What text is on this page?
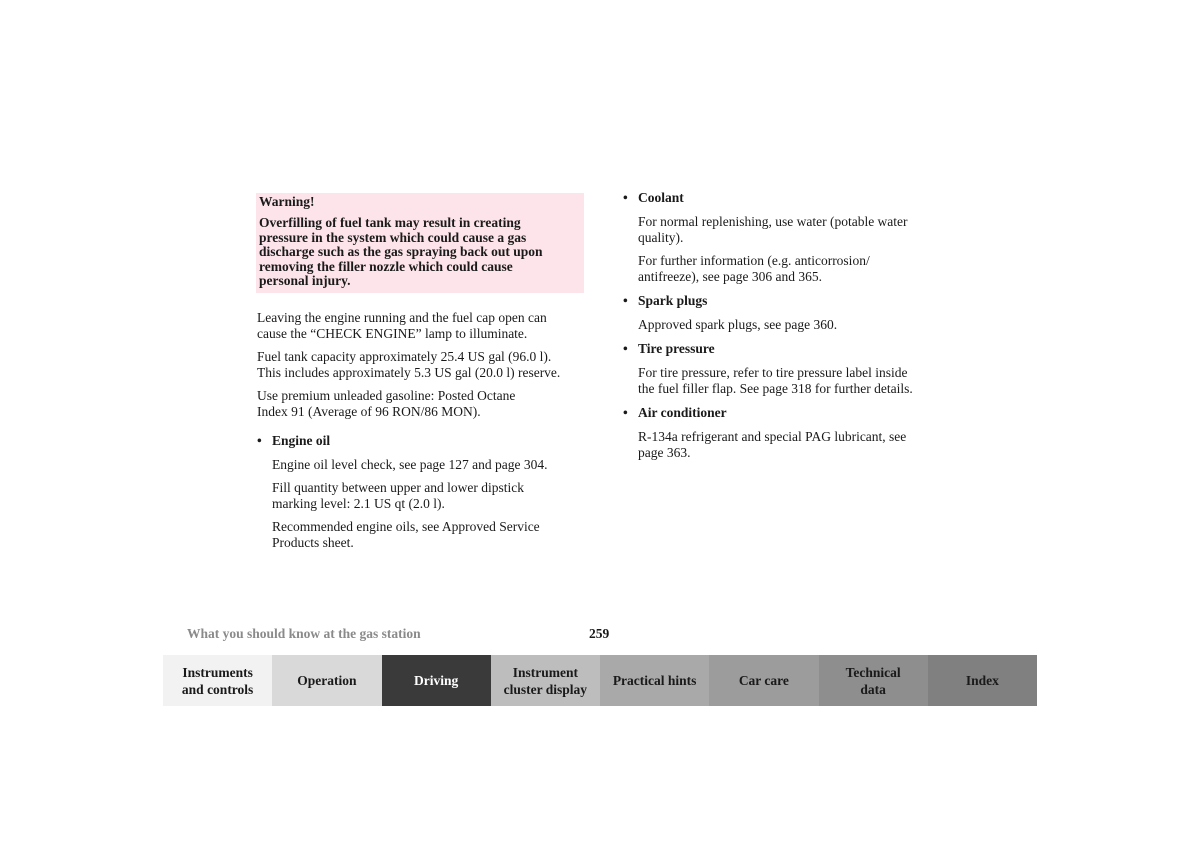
Warning!
Overfilling of fuel tank may result in creating
pressure in the system which could cause a gas
discharge such as the gas spraying back out upon
removing the filler nozzle which could cause
personal injury.

Leaving the engine running and the fuel cap open can
cause the “CHECK ENGINE” lamp to illuminate.

Fuel tank capacity approximately 25.4 US gal (96.0 l).
This includes approximately 5.3 US gal (20.0 l) reserve.

Use premium unleaded gasoline: Posted Octane
Index 91 (Average of 96 RON/86 MON).

• Engine oil

Engine oil level check, see page 127 and page 304.

Fill quantity between upper and lower dipstick
marking level: 2.1 US qt (2.0 l).

Recommended engine oils, see Approved Service
Products sheet.

• Coolant

For normal replenishing, use water (potable water
quality).

For further information (e.g. anticorrosion/
antifreeze), see page 306 and 365.

• Spark plugs

Approved spark plugs, see page 360.

• Tire pressure

For tire pressure, refer to tire pressure label inside
the fuel filler flap. See page 318 for further details.

• Air conditioner

R-134a refrigerant and special PAG lubricant, see
page 363.

What you should know at the gas station	259
Instruments
and controls
Operation	Driving
Instrument
cluster display
Practical hints	Car care
Technical
data
Index
